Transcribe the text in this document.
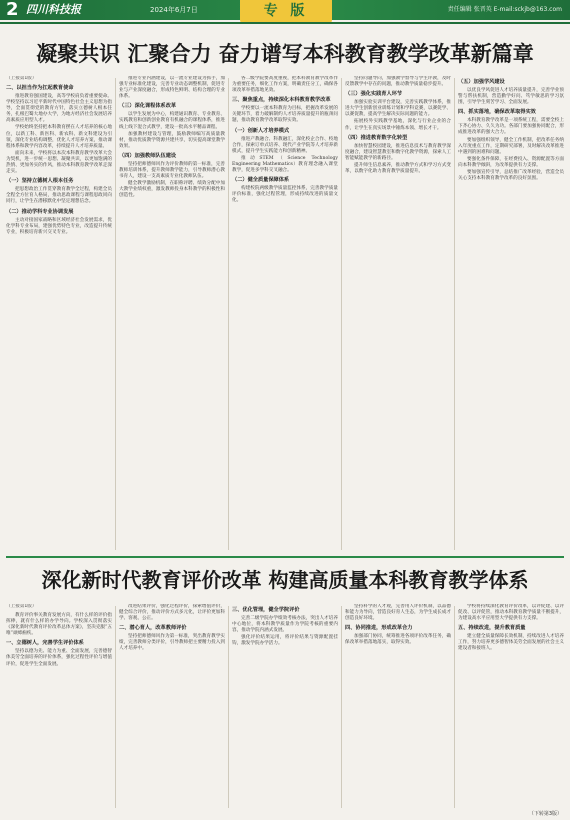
2 四川科技报	2024年6月7日	专 版	责任编辑 张晋英 E-mail:sckjb@163.com
凝聚共识 汇聚合力 奋力谱写本科教育教学改革新篇章
（上接第1版）
二、以担当作为扛起教育使命

推进教育强国建设，高等学校肩负着重要使命。学校坚持以习近平新时代中国特色社会主义思想为指导，全面贯彻党的教育方针，落实立德树人根本任务，扎根巴蜀大地办大学，为地方经济社会发展培养高素质应用型人才。

学校始终坚持把本科教育摆在人才培养的核心地位，以新工科、新医科、新农科、新文科建设为引领，深化专业结构调整，优化人才培养方案，推动课程体系和教学内容改革，持续提升人才培养质量。

面向未来，学校将以本次本科教育教学改革大会为契机，进一步统一思想、凝聚共识，以更加饱满的热情、更加务实的作风，推动本科教育教学改革走深走实。

（一）坚持立德树人根本任务

把思想政治工作贯穿教育教学全过程，构建全员全程全方位育人格局，推动思政课程与课程思政同向同行，让学生在潜移默化中坚定理想信念。

（二）推动学科专业协调发展

主动对接国家战略和区域经济社会发展需求，优化学科专业布局，建强优势特色专业，改造提升传统专业，积极培育新兴交叉专业。

推进专业内涵建设，以一流专业建设为抓手，加强专业标准化建设，完善专业动态调整机制，促进专业与产业深度融合，形成特色鲜明、结构合理的专业体系。

（三）深化课程体系改革

以学生发展为中心，构建通识教育、专业教育、实践教育和创新创业教育有机融合的课程体系，推进线上线下混合式教学，建设一批高水平精品课程。

加强教材建设与管理，鼓励教师编写高质量教材，推动优质教学资源共建共享，切实提高课堂教学效果。

（四）加强教师队伍建设

坚持把师德师风作为评价教师的第一标准，完善教师培训体系，提升教师教学能力，引导教师潜心教书育人，建设一支高素质专业化教师队伍。

健全教学激励机制，在职称评聘、绩效分配中加大教学业绩权重，激发教师投身本科教学的积极性和创造性。

各二级学院要高度重视，把本科教育教学改革作为重要任务，细化工作方案，明确责任分工，确保各项改革举措落地见效。

三、聚焦重点，持续深化本科教育教学改革

学校要以一流本科教育为目标，把握改革发展的关键环节，着力破解制约人才培养质量提升的瓶颈问题，推动教育教学改革取得实效。

（一）创新人才培养模式

推进产教融合、科教融汇，深化校企合作、校地合作，探索订单式培养、现代产业学院等人才培养新模式，提升学生实践能力和创新精神。

推动STEM（Science Technology Engineering Mathematics）教育理念融入课堂教学，促进多学科交叉融合。

（二）健全质量保障体系

构建校院两级教学质量监控体系，完善教学质量评价标准，强化过程管理，形成持续改进的质量文化。

坚持问题导向，加强教学督导与学生评教，及时反馈教学中存在的问题，推动教学质量稳步提升。

（三）强化实践育人环节

加强实验实训平台建设，完善实践教学体系，推进大学生创新创业训练计划和学科竞赛，以赛促学、以赛促教，提高学生解决实际问题的能力。

拓展校外实践教学基地，深化与行业企业的合作，让学生在真实场景中锤炼本领、增长才干。

（四）推进教育数字化转型

加快智慧校园建设，推进信息技术与教育教学深度融合，建设智慧教室和数字化教学资源，探索人工智能赋能教学的新路径。

提升师生信息素养，推动教学方式和学习方式变革，以数字化助力教育教学质量提升。

（五）加强学风建设

以优良学风促进人才培养质量提升，完善学业预警与帮扶机制，营造勤学好问、笃学敏思的学习氛围，引导学生刻苦学习、全面发展。

四、抓实落地，确保改革取得实效

本科教育教学改革是一项系统工程，需要全校上下齐心协力、久久为功。各部门要加强协同配合，形成推进改革的强大合力。

要加强组织领导，健全工作机制，把改革任务纳入年度重点工作，定期研究部署，及时解决改革推进中遇到的困难和问题。

要强化条件保障，在经费投入、资源配置等方面向本科教学倾斜，为改革提供有力支撑。

要加强宣传引导，总结推广改革经验，营造全员关心支持本科教育教学改革的良好氛围。

深化新时代教育评价改革 构建高质量本科教育教学体系
（上接第1版）

教育评价事关教育发展方向，有什么样的评价指挥棒，就有什么样的办学导向。学校深入贯彻落实《深化新时代教育评价改革总体方案》，坚决克服“五唯”顽瘴痼疾。

一、立德树人，完善学生评价体系

坚持以德为先、能力为重、全面发展，完善德智体美劳全面培养的评价体系，强化过程性评价与增值评价，促进学生全面发展。

改进结果评价，强化过程评价，探索增值评价，健全综合评价，推动评价方式多元化，让评价更加科学、客观、公正。

二、潜心育人，改革教师评价

坚持把师德师风作为第一标准，突出教育教学实绩，完善教师分类评价，引导教师把主要精力投入到人才培养中。

三、优化管理，健全学院评价

完善二级学院办学绩效考核办法，突出人才培养中心地位，将本科教学质量作为学院考核的重要内容，推动学院内涵式发展。

强化评价结果运用，将评价结果与资源配置挂钩，激发学院办学活力。

坚持科学的人才观，完善用人评价机制，以品德和能力为导向，营造良好育人生态，为学生成长成才创造良好环境。

四、协同推进，形成改革合力

加强部门协同，统筹推进各项评价改革任务，确保改革举措落地落实，取得实效。

学校将持续深化教育评价改革，以评促建、以评促改、以评促管，推动本科教育教学质量不断提升，为建设高水平应用型大学提供有力支撑。

五、持续改进，提升教育质量

建立健全质量保障长效机制，持续改进人才培养工作，努力培养更多德智体美劳全面发展的社会主义建设者和接班人。

（下转第3版）
